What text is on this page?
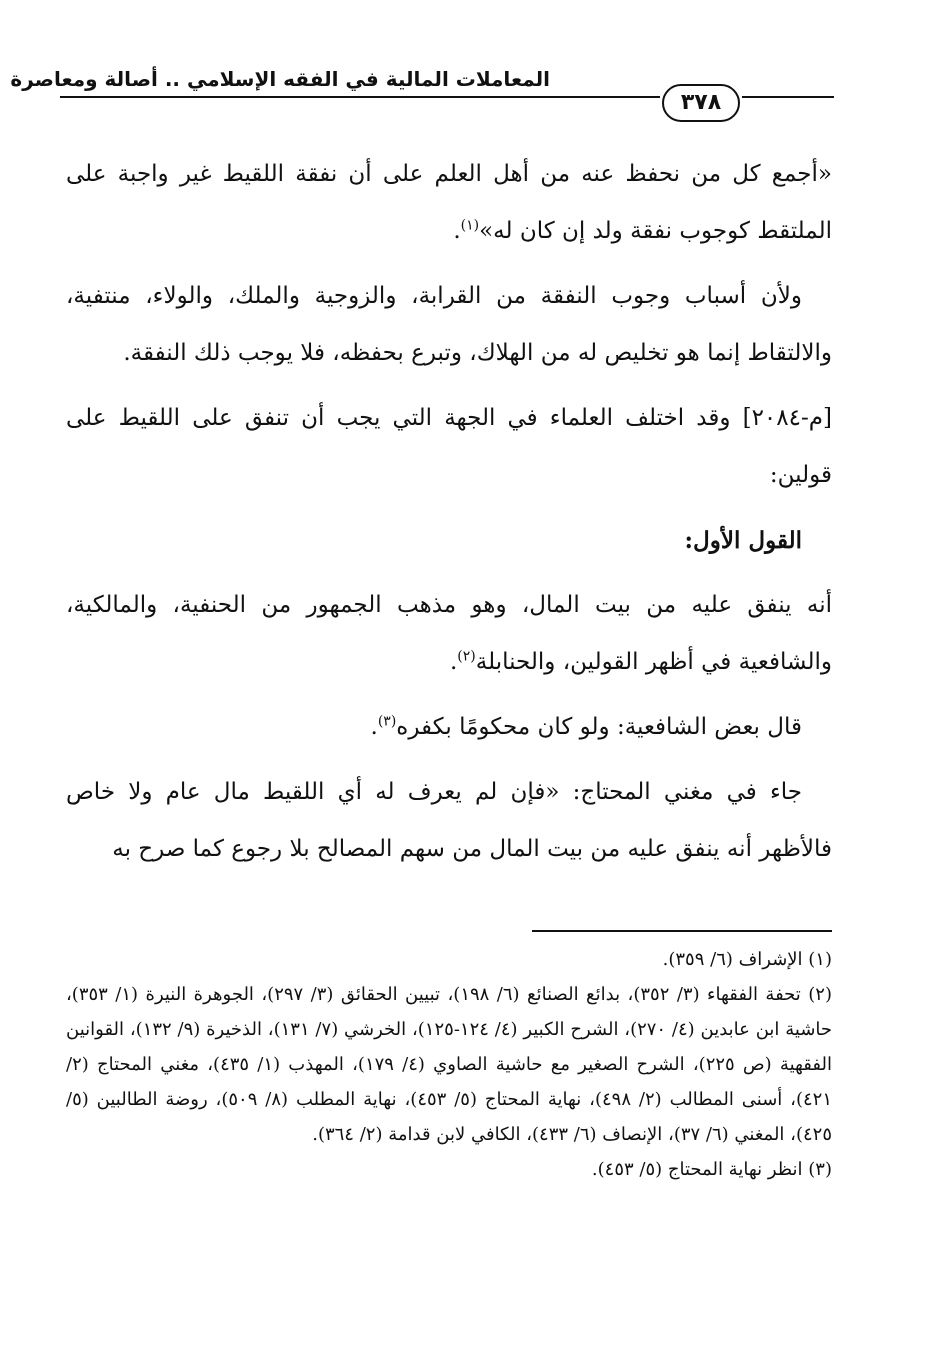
المعاملات المالية في الفقه الإسلامي .. أصالة ومعاصرة
٣٧٨

«أجمع كل من نحفظ عنه من أهل العلم على أن نفقة اللقيط غير واجبة على الملتقط كوجوب نفقة ولد إن كان له»$^{(١)}$.

ولأن أسباب وجوب النفقة من القرابة، والزوجية والملك، والولاء، منتفية، والالتقاط إنما هو تخليص له من الهلاك، وتبرع بحفظه، فلا يوجب ذلك النفقة.

[م-٢٠٨٤] وقد اختلف العلماء في الجهة التي يجب أن تنفق على اللقيط على قولين:

القول الأول:

أنه ينفق عليه من بيت المال، وهو مذهب الجمهور من الحنفية، والمالكية، والشافعية في أظهر القولين، والحنابلة$^{(٢)}$.

قال بعض الشافعية: ولو كان محكومًا بكفره$^{(٣)}$.

جاء في مغني المحتاج: «فإن لم يعرف له أي اللقيط مال عام ولا خاص فالأظهر أنه ينفق عليه من بيت المال من سهم المصالح بلا رجوع كما صرح به

(١) الإشراف (٦/ ٣٥٩).

(٢) تحفة الفقهاء (٣/ ٣٥٢)، بدائع الصنائع (٦/ ١٩٨)، تبيين الحقائق (٣/ ٢٩٧)، الجوهرة النيرة (١/ ٣٥٣)، حاشية ابن عابدين (٤/ ٢٧٠)، الشرح الكبير (٤/ ١٢٤-١٢٥)، الخرشي (٧/ ١٣١)، الذخيرة (٩/ ١٣٢)، القوانين الفقهية (ص ٢٢٥)، الشرح الصغير مع حاشية الصاوي (٤/ ١٧٩)، المهذب (١/ ٤٣٥)، مغني المحتاج (٢/ ٤٢١)، أسنى المطالب (٢/ ٤٩٨)، نهاية المحتاج (٥/ ٤٥٣)، نهاية المطلب (٨/ ٥٠٩)، روضة الطالبين (٥/ ٤٢٥)، المغني (٦/ ٣٧)، الإنصاف (٦/ ٤٣٣)، الكافي لابن قدامة (٢/ ٣٦٤).

(٣) انظر نهاية المحتاج (٥/ ٤٥٣).
